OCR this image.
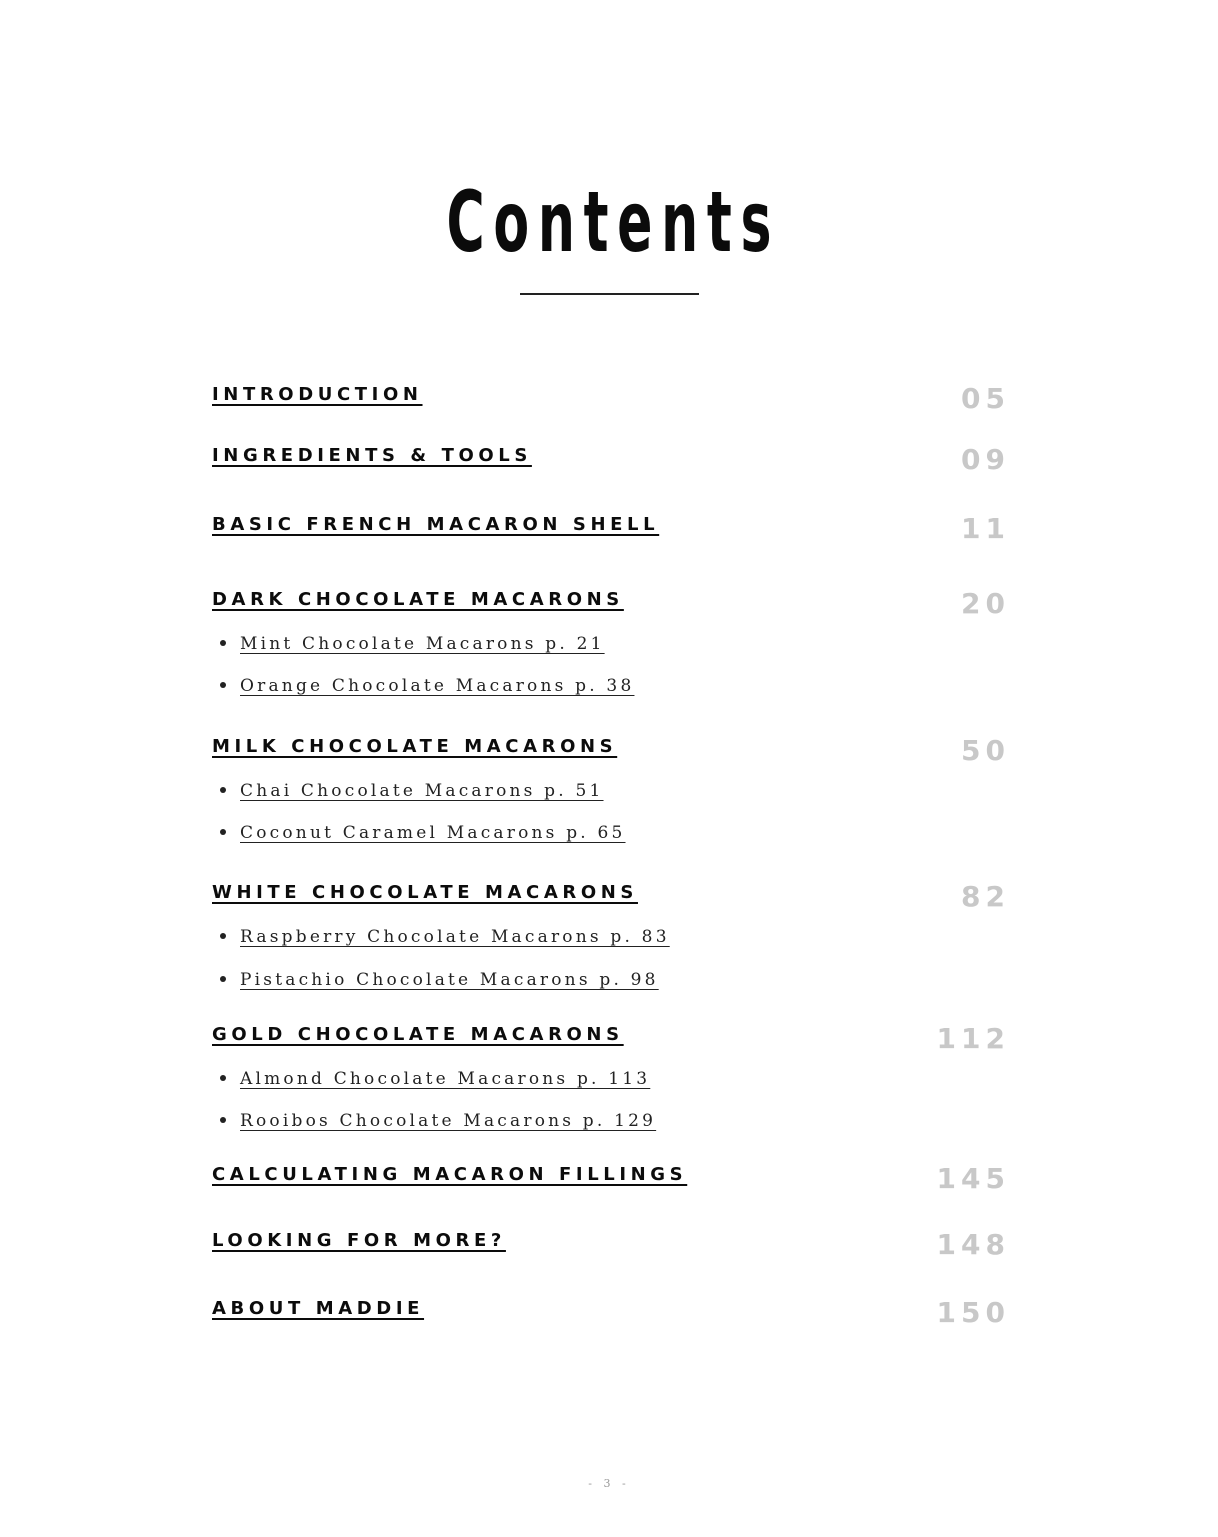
Contents
INTRODUCTION	05
INGREDIENTS & TOOLS	09
BASIC FRENCH MACARON SHELL	11
DARK CHOCOLATE MACARONS	20
Mint Chocolate Macarons p. 21
Orange Chocolate Macarons p. 38
MILK CHOCOLATE MACARONS	50
Chai Chocolate Macarons p. 51
Coconut Caramel Macarons p. 65
WHITE CHOCOLATE MACARONS	82
Raspberry Chocolate Macarons p. 83
Pistachio Chocolate Macarons p. 98
GOLD CHOCOLATE MACARONS	112
Almond Chocolate Macarons p. 113
Rooibos Chocolate Macarons p. 129
CALCULATING MACARON FILLINGS	145
LOOKING FOR MORE?	148
ABOUT MADDIE	150
- 3 -
